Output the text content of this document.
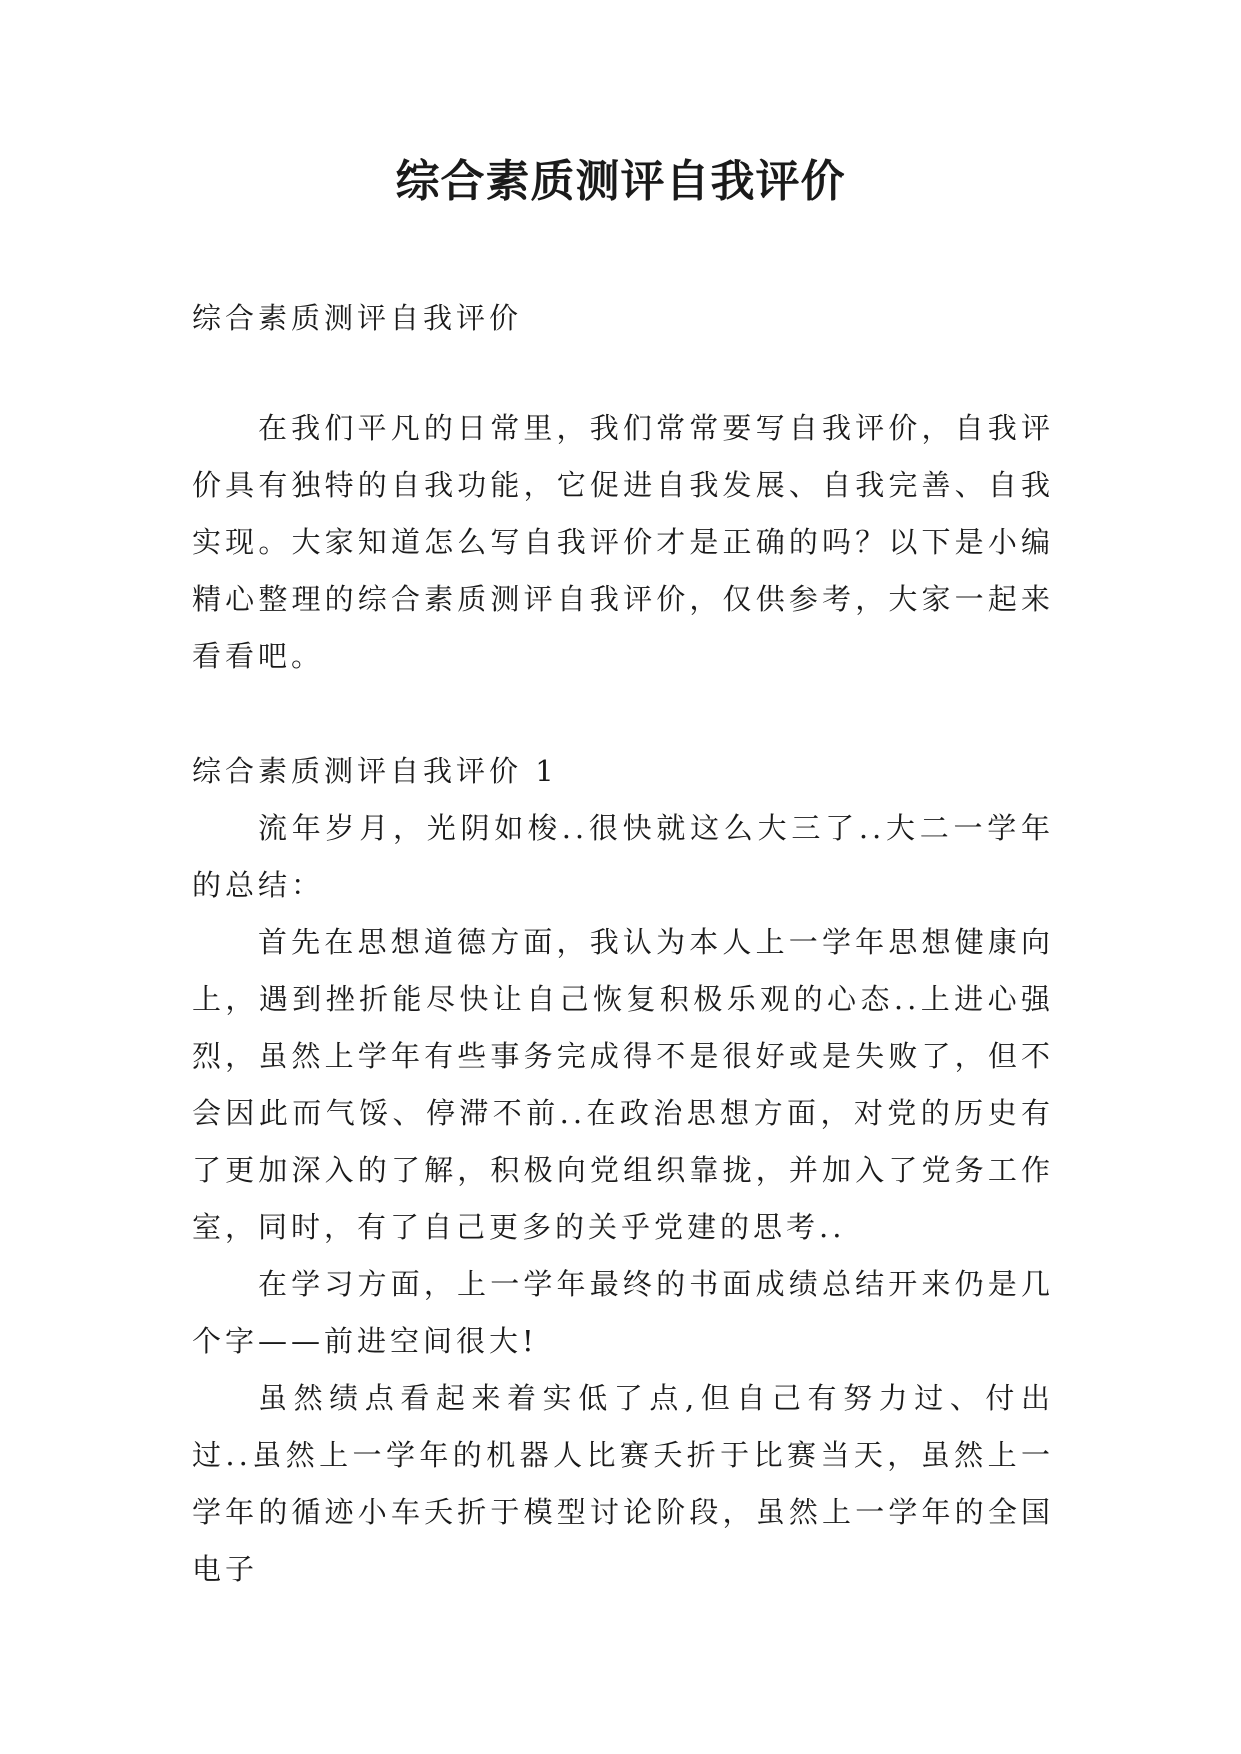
综合素质测评自我评价

综合素质测评自我评价

在我们平凡的日常里，我们常常要写自我评价，自我评价具有独特的自我功能，它促进自我发展、自我完善、自我实现。大家知道怎么写自我评价才是正确的吗？以下是小编精心整理的综合素质测评自我评价，仅供参考，大家一起来看看吧。

综合素质测评自我评价 1

流年岁月，光阴如梭..很快就这么大三了..大二一学年的总结：

首先在思想道德方面，我认为本人上一学年思想健康向上，遇到挫折能尽快让自己恢复积极乐观的心态..上进心强烈，虽然上学年有些事务完成得不是很好或是失败了，但不会因此而气馁、停滞不前..在政治思想方面，对党的历史有了更加深入的了解，积极向党组织靠拢，并加入了党务工作室，同时，有了自己更多的关乎党建的思考..

在学习方面，上一学年最终的书面成绩总结开来仍是几个字——前进空间很大!

虽然绩点看起来着实低了点,但自己有努力过、付出过..虽然上一学年的机器人比赛夭折于比赛当天，虽然上一学年的循迹小车夭折于模型讨论阶段，虽然上一学年的全国电子
